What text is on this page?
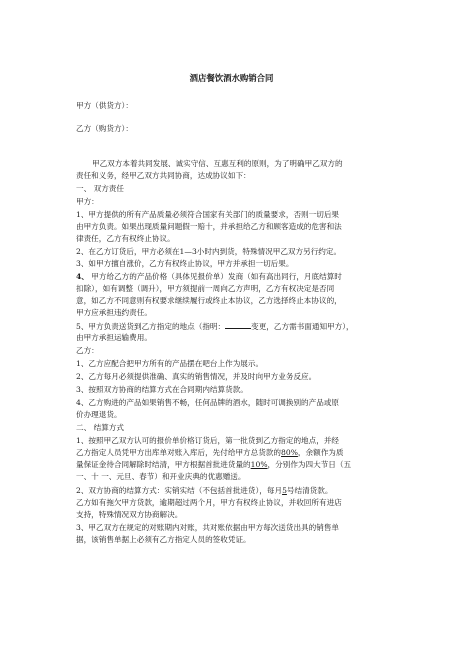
酒店餐饮酒水购销合同
甲方（供货方）：
乙方（购货方）：
甲乙双方本着共同发展、诚实守信、互惠互利的原则，为了明确甲乙双方的
责任和义务，经甲乙双方共同协商，达成协议如下：
一、 双方责任
甲方：
1、甲方提供的所有产品质量必须符合国家有关部门的质量要求，否则一切后果
由甲方负责。如果出现质量问题假一赔十，并承担给乙方和顾客造成的危害和法
律责任，乙方有权终止协议。
2、在乙方订货后，甲方必须在1—3小时内到货，特殊情况甲乙双方另行约定。
3、如甲方擅自涨价，乙方有权终止协议，甲方并承担一切后果。
4、 甲方给乙方的产品价格（具体见报价单）发商（如有高出同行，月底结算时
扣除），如有调整（调升），甲方须提前一周向乙方声明，乙方有权决定是否同
意，如乙方不同意则有权要求继续履行或终止本协议，乙方选择终止本协议的，
甲方应承担违约责任。
5、甲方负责送货到乙方指定的地点（指明：	变更，乙方需书面通知甲方），
由甲方承担运输费用。
乙方：
1、乙方应配合把甲方所有的产品摆在吧台上作为展示。
2、乙方每月必须提供准确、真实的销售情况，并及时向甲方业务反应。
3、按照双方协商的结算方式在合同期内结算货款。
4、乙方购进的产品如果销售不畅，任何品牌的酒水，随时可调换别的产品或原
价办理退货。
二、 结算方式
1、按照甲乙双方认可的报价单价格订货后，第一批货到乙方指定的地点，并经
乙方指定人员凭甲方出库单对账入库后，先付给甲方总货款的80%，余额作为质
量保证金待合同解除时结清，甲方根据首批进货量的10%，分别作为四大节日（五
一、十 一、元旦、春节）和开业庆典的优惠赠送。
2、双方协商的结算方式：实销实结（不包括首批进货），每月5号结清货款。
乙方如有拖欠甲方货款，逾期超过两个月，甲方有权终止协议，并收回所有进店
支持，特殊情况双方协商解决。
3、甲乙双方在规定的对账期内对账，共对账依据由甲方每次送货出具的销售单
据，该销售单据上必须有乙方指定人员的签收凭证。
